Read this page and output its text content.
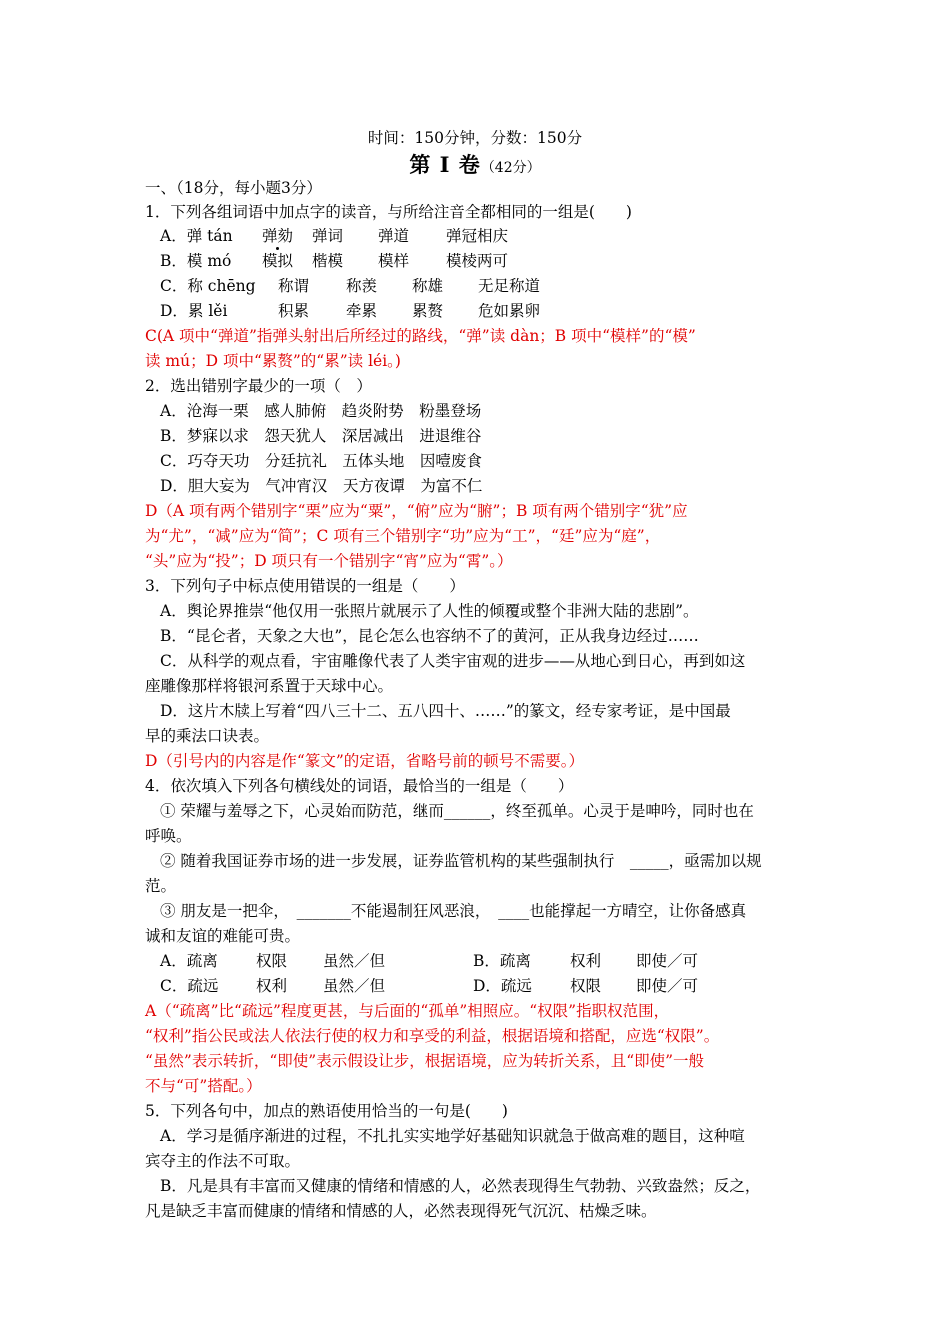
时间：150分钟，分数：150分
第 I 卷（42分）
一、（18分，每小题3分）
1．下列各组词语中加点字的读音，与所给注音全都相同的一组是(　　)
A．弹 tán 弹劾 弹词 弹道 弹冠相庆
B．模 mó 模拟 楷模 模样 模棱两可
C．称 chēng 称谓 称羡 称雄 无足称道
D．累 lěi	积累 牵累 累赘 危如累卵
C(A 项中“弹道”指弹头射出后所经过的路线，“弹”读 dàn；B 项中“模样”的“模”
读 mú；D 项中“累赘”的“累”读 léi。)
2．选出错别字最少的一项（　）
A．沧海一栗　感人肺俯　趋炎附势　粉墨登场
B．梦寐以求　怨天犹人　深居减出　进退维谷
C．巧夺天功　分廷抗礼　五体头地　因噎废食
D．胆大妄为　气冲宵汉　天方夜谭　为富不仁
D（A 项有两个错别字“栗”应为“粟”，“俯”应为“腑”；B 项有两个错别字“犹”应
为“尤”，“减”应为“简”；C 项有三个错别字“功”应为“工”，“廷”应为“庭”，
“头”应为“投”；D 项只有一个错别字“宵”应为“霄”。）
3．下列句子中标点使用错误的一组是（　　）
A．舆论界推崇“他仅用一张照片就展示了人性的倾覆或整个非洲大陆的悲剧”。
B．“昆仑者，天象之大也”，昆仑怎么也容纳不了的黄河，正从我身边经过……
C．从科学的观点看，宇宙雕像代表了人类宇宙观的进步——从地心到日心，再到如这
座雕像那样将银河系置于天球中心。
D．这片木牍上写着“四八三十二、五八四十、……”的篆文，经专家考证，是中国最
早的乘法口诀表。
D（引号内的内容是作“篆文”的定语，省略号前的顿号不需要。）
4．依次填入下列各句横线处的词语，最恰当的一组是（　　）
① 荣耀与羞辱之下，心灵始而防范，继而______，终至孤单。心灵于是呻吟，同时也在
呼唤。
② 随着我国证券市场的进一步发展，证券监管机构的某些强制执行　_____，亟需加以规
范。
③ 朋友是一把伞，　_______不能遏制狂风恶浪，　____也能撑起一方晴空，让你备感真
诚和友谊的难能可贵。
A．疏离 权限 虽然／但	B．疏离	权利 即使／可
C．疏远 权利 虽然／但	D．疏远 权限 即使／可
A（“疏离”比“疏远”程度更甚，与后面的“孤单”相照应。“权限”指职权范围，
“权利”指公民或法人依法行使的权力和享受的利益，根据语境和搭配，应选“权限”。
“虽然”表示转折，“即使”表示假设让步，根据语境，应为转折关系，且“即使”一般
不与“可”搭配。）
5．下列各句中，加点的熟语使用恰当的一句是(　　)
A．学习是循序渐进的过程，不扎扎实实地学好基础知识就急于做高难的题目，这种喧
宾夺主的作法不可取。
B．凡是具有丰富而又健康的情绪和情感的人，必然表现得生气勃勃、兴致盎然；反之，
凡是缺乏丰富而健康的情绪和情感的人，必然表现得死气沉沉、枯燥乏味。
